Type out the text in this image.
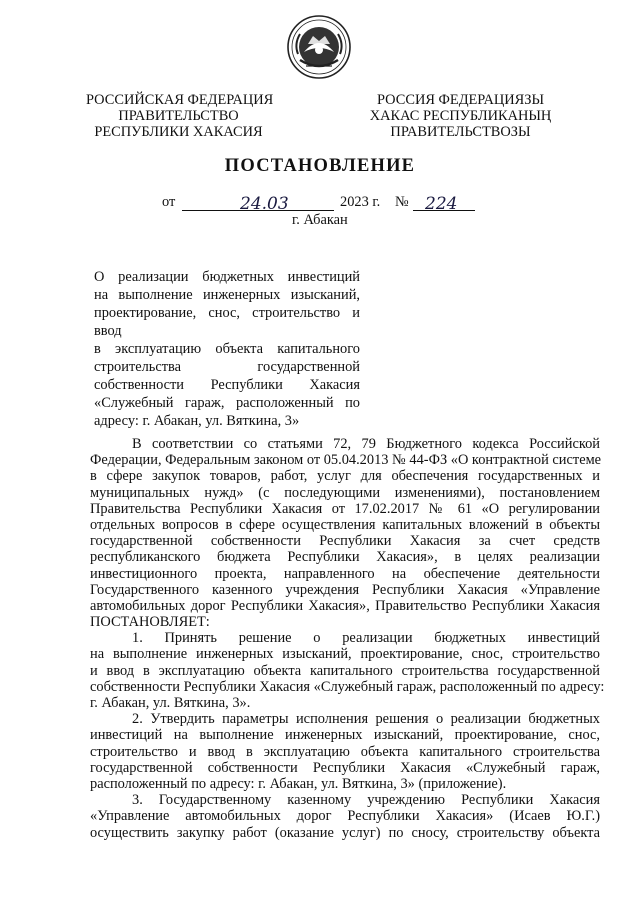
РОССИЙСКАЯ ФЕДЕРАЦИЯ
ПРАВИТЕЛЬСТВО
РЕСПУБЛИКИ ХАКАСИЯ
РОССИЯ ФЕДЕРАЦИЯЗЫ
ХАКАС РЕСПУБЛИКАНЫҢ
ПРАВИТЕЛЬСТВОЗЫ
ПОСТАНОВЛЕНИЕ
от	24.03	2023 г. № 224
г. Абакан
О реализации бюджетных инвестиций
на выполнение инженерных изысканий,
проектирование, снос, строительство и ввод
в эксплуатацию объекта капитального
строительства государственной
собственности Республики Хакасия
«Служебный гараж, расположенный по
адресу: г. Абакан, ул. Вяткина, 3»
В соответствии со статьями 72, 79 Бюджетного кодекса Российской
Федерации, Федеральным законом от 05.04.2013 № 44-ФЗ «О контрактной системе
в сфере закупок товаров, работ, услуг для обеспечения государственных и
муниципальных нужд» (с последующими изменениями), постановлением
Правительства Республики Хакасия от 17.02.2017 № 61 «О регулировании
отдельных вопросов в сфере осуществления капитальных вложений в объекты
государственной собственности Республики Хакасия за счет средств
республиканского бюджета Республики Хакасия», в целях реализации
инвестиционного проекта, направленного на обеспечение деятельности
Государственного казенного учреждения Республики Хакасия «Управление
автомобильных дорог Республики Хакасия», Правительство Республики Хакасия
ПОСТАНОВЛЯЕТ:
1. Принять решение о реализации бюджетных инвестиций
на выполнение инженерных изысканий, проектирование, снос, строительство
и ввод в эксплуатацию объекта капитального строительства государственной
собственности Республики Хакасия «Служебный гараж, расположенный по адресу:
г. Абакан, ул. Вяткина, 3».
2. Утвердить параметры исполнения решения о реализации бюджетных
инвестиций на выполнение инженерных изысканий, проектирование, снос,
строительство и ввод в эксплуатацию объекта капитального строительства
государственной собственности Республики Хакасия «Служебный гараж,
расположенный по адресу: г. Абакан, ул. Вяткина, 3» (приложение).
3. Государственному казенному учреждению Республики Хакасия
«Управление автомобильных дорог Республики Хакасия» (Исаев Ю.Г.)
осуществить закупку работ (оказание услуг) по сносу, строительству объекта
